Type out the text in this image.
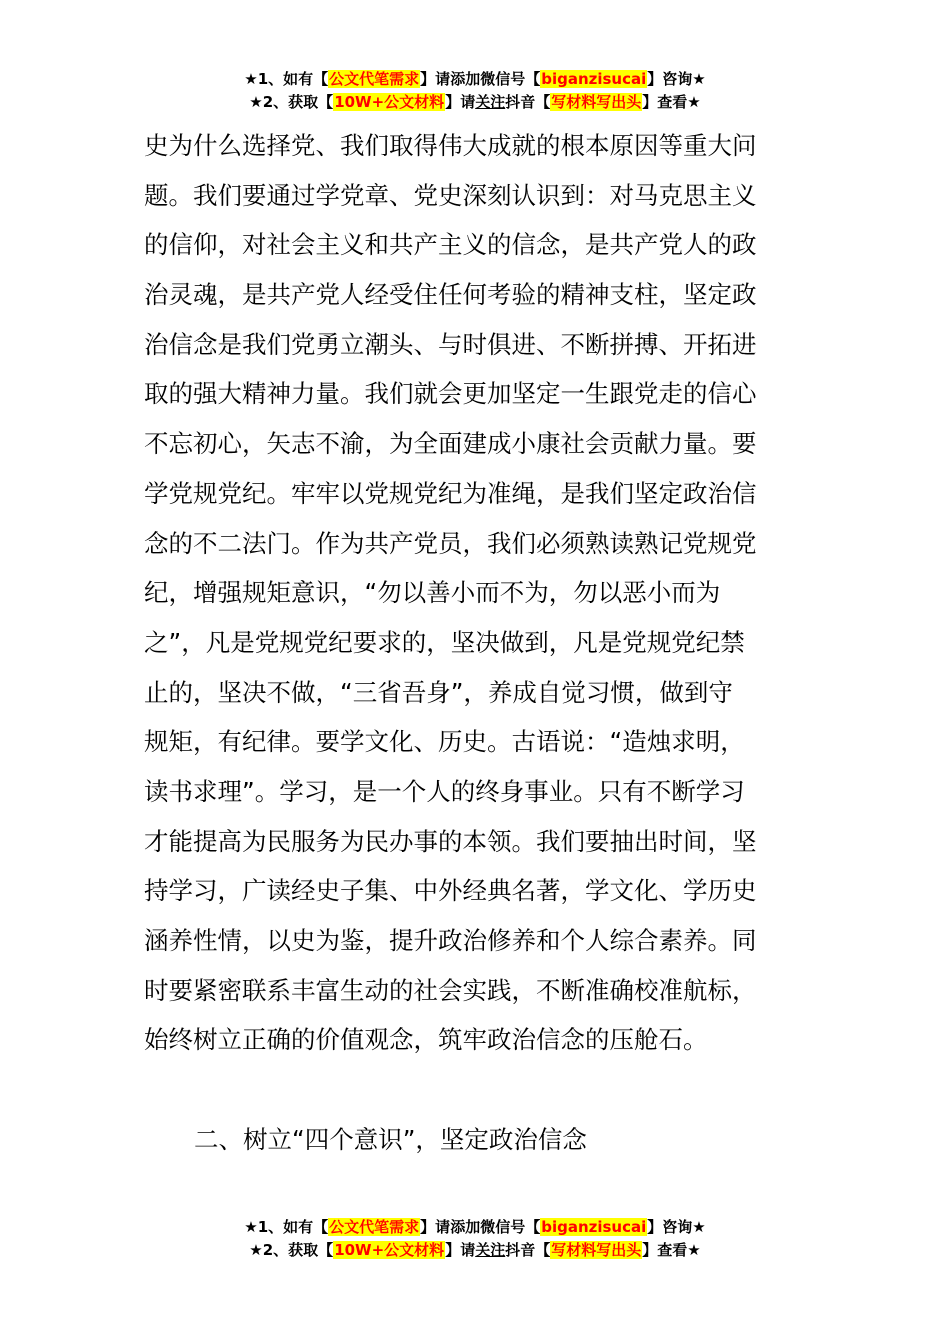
★1、如有【公文代笔需求】请添加微信号【biganzisucai】咨询★
★2、获取【10W+公文材料】请关注抖音【写材料写出头】查看★
史为什么选择党、我们取得伟大成就的根本原因等重大问
题。我们要通过学党章、党史深刻认识到：对马克思主义
的信仰，对社会主义和共产主义的信念，是共产党人的政
治灵魂，是共产党人经受住任何考验的精神支柱，坚定政
治信念是我们党勇立潮头、与时俱进、不断拼搏、开拓进
取的强大精神力量。我们就会更加坚定一生跟党走的信心
不忘初心，矢志不渝，为全面建成小康社会贡献力量。要
学党规党纪。牢牢以党规党纪为准绳，是我们坚定政治信
念的不二法门。作为共产党员，我们必须熟读熟记党规党
纪，增强规矩意识，“勿以善小而不为，勿以恶小而为
之”，凡是党规党纪要求的，坚决做到，凡是党规党纪禁
止的，坚决不做，“三省吾身”，养成自觉习惯，做到守
规矩，有纪律。要学文化、历史。古语说：“造烛求明，
读书求理”。学习，是一个人的终身事业。只有不断学习
才能提高为民服务为民办事的本领。我们要抽出时间，坚
持学习，广读经史子集、中外经典名著，学文化、学历史
涵养性情，以史为鉴，提升政治修养和个人综合素养。同
时要紧密联系丰富生动的社会实践，不断准确校准航标，
始终树立正确的价值观念，筑牢政治信念的压舱石。
二、树立“四个意识”，坚定政治信念
★1、如有【公文代笔需求】请添加微信号【biganzisucai】咨询★
★2、获取【10W+公文材料】请关注抖音【写材料写出头】查看★
